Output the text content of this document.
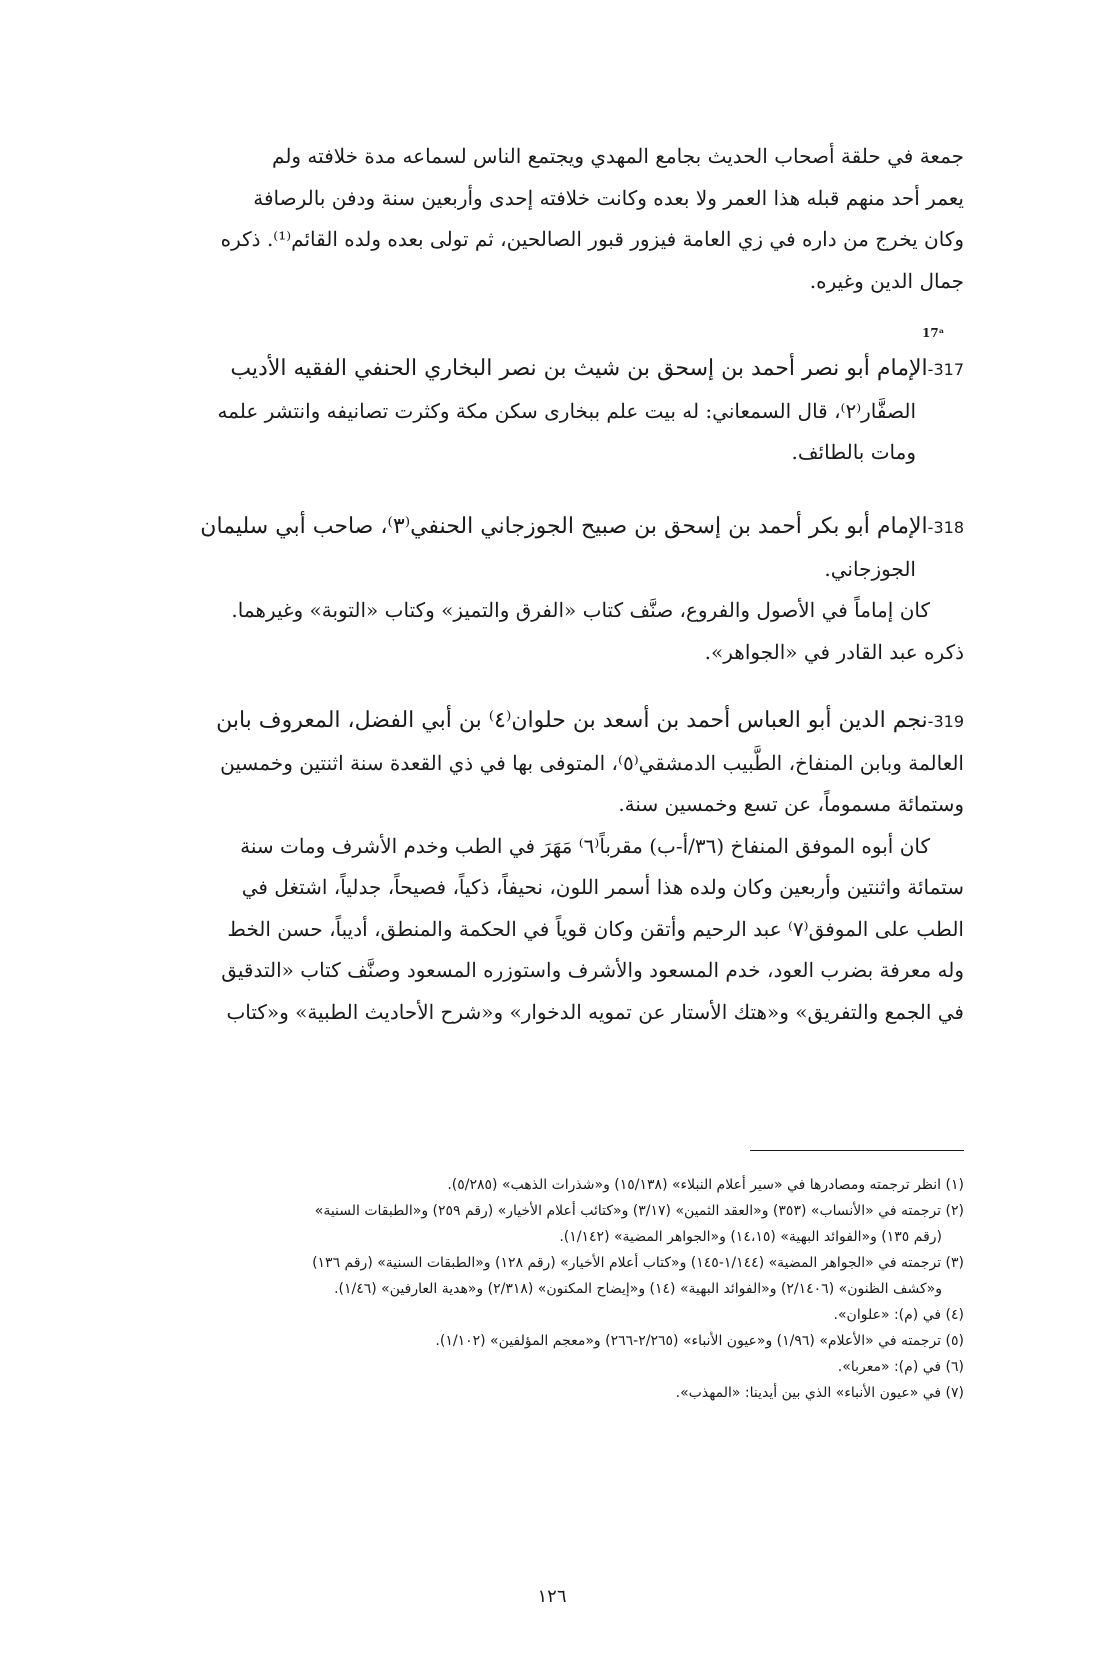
جمعة في حلقة أصحاب الحديث بجامع المهدي ويجتمع الناس لسماعه مدة خلافته ولم
يعمر أحد منهم قبله هذا العمر ولا بعده وكانت خلافته إحدى وأربعين سنة ودفن بالرصافة
وكان يخرج من داره في زي العامة فيزور قبور الصالحين، ثم تولى بعده ولده القائم⁽¹⁾. ذكره
جمال الدين وغيره.
17ᵃ
317-الإمام أبو نصر أحمد بن إسحق بن شيث بن نصر البخاري الحنفي الفقيه الأديب
الصفَّار⁽٢⁾، قال السمعاني: له بيت علم ببخارى سكن مكة وكثرت تصانيفه وانتشر علمه
ومات بالطائف.
318-الإمام أبو بكر أحمد بن إسحق بن صبيح الجوزجاني الحنفي⁽٣⁾، صاحب أبي سليمان
الجوزجاني.
كان إماماً في الأصول والفروع، صنَّف كتاب «الفرق والتميز» وكتاب «التوبة» وغيرهما.
ذكره عبد القادر في «الجواهر».
319-نجم الدين أبو العباس أحمد بن أسعد بن حلوان⁽٤⁾ بن أبي الفضل، المعروف بابن
العالمة وبابن المنفاخ، الطَّبيب الدمشقي⁽٥⁾، المتوفى بها في ذي القعدة سنة اثنتين وخمسين
وستمائة مسموماً، عن تسع وخمسين سنة.
كان أبوه الموفق المنفاخ (٣٦/أ-ب) مقرباً⁽٦⁾ مَهَرَ في الطب وخدم الأشرف ومات سنة
ستمائة واثنتين وأربعين وكان ولده هذا أسمر اللون، نحيفاً، ذكياً، فصيحاً، جدلياً، اشتغل في
الطب على الموفق⁽٧⁾ عبد الرحيم وأتقن وكان قوياً في الحكمة والمنطق، أديباً، حسن الخط
وله معرفة بضرب العود، خدم المسعود والأشرف واستوزره المسعود وصنَّف كتاب «التدقيق
في الجمع والتفريق» و«هتك الأستار عن تمويه الدخوار» و«شرح الأحاديث الطبية» و«كتاب
(١) انظر ترجمته ومصادرها في «سير أعلام النبلاء» (١٥/١٣٨) و«شذرات الذهب» (٥/٢٨٥).
(٢) ترجمته في «الأنساب» (٣٥٣) و«العقد الثمين» (٣/١٧) و«كتائب أعلام الأخيار» (رقم ٢٥٩) و«الطبقات السنية»
(رقم ١٣٥) و«الفوائد البهية» (١٤،١٥) و«الجواهر المضية» (١/١٤٢).
(٣) ترجمته في «الجواهر المضية» (١/١٤٤-١٤٥) و«كتاب أعلام الأخيار» (رقم ١٢٨) و«الطبقات السنية» (رقم ١٣٦)
و«كشف الظنون» (٢/١٤٠٦) و«الفوائد البهية» (١٤) و«إيضاح المكنون» (٢/٣١٨) و«هدية العارفين» (١/٤٦).
(٤) في (م): «علوان».
(٥) ترجمته في «الأعلام» (١/٩٦) و«عيون الأنباء» (٢/٢٦٥-٢٦٦) و«معجم المؤلفين» (١/١٠٢).
(٦) في (م): «معربا».
(٧) في «عيون الأنباء» الذي بين أيدينا: «المهذب».
١٢٦
